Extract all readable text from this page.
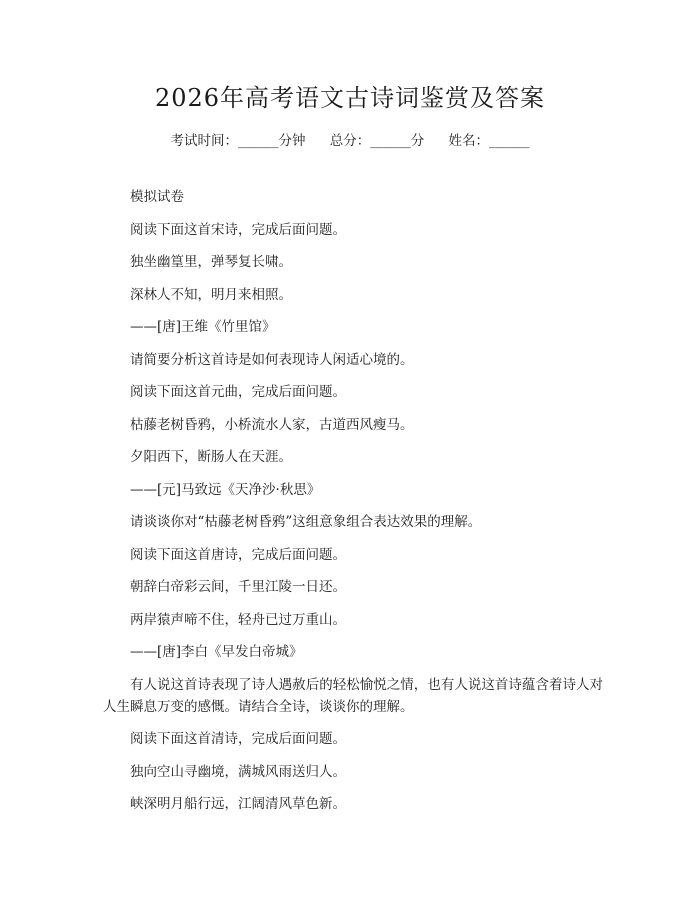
2026年高考语文古诗词鉴赏及答案
考试时间：______分钟 总分：______分 姓名：______

模拟试卷

阅读下面这首宋诗，完成后面问题。

独坐幽篁里，弹琴复长啸。

深林人不知，明月来相照。

——[唐]王维《竹里馆》

请简要分析这首诗是如何表现诗人闲适心境的。

阅读下面这首元曲，完成后面问题。

枯藤老树昏鸦，小桥流水人家，古道西风瘦马。

夕阳西下，断肠人在天涯。

——[元]马致远《天净沙·秋思》

请谈谈你对“枯藤老树昏鸦”这组意象组合表达效果的理解。

阅读下面这首唐诗，完成后面问题。

朝辞白帝彩云间，千里江陵一日还。

两岸猿声啼不住，轻舟已过万重山。

——[唐]李白《早发白帝城》

有人说这首诗表现了诗人遇赦后的轻松愉悦之情，也有人说这首诗蕴含着诗人对人生瞬息万变的感慨。请结合全诗，谈谈你的理解。

阅读下面这首清诗，完成后面问题。

独向空山寻幽境，满城风雨送归人。

峡深明月船行远，江阔清风草色新。
